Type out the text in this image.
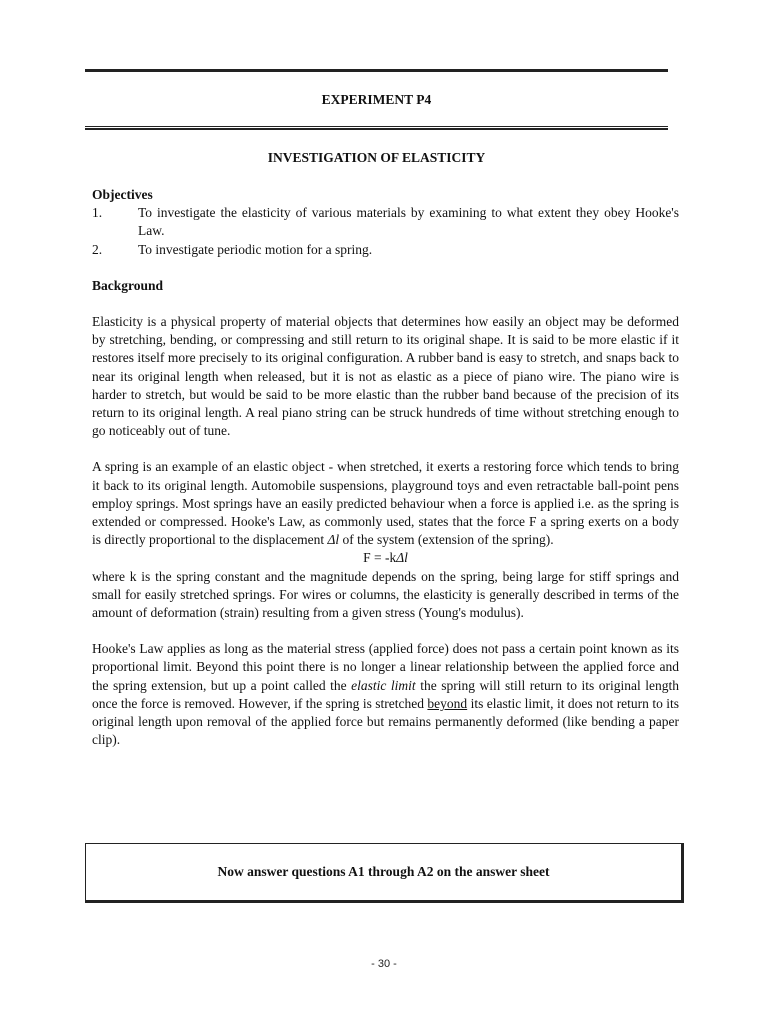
EXPERIMENT P4
INVESTIGATION OF ELASTICITY
Objectives
1.	To investigate the elasticity of various materials by examining to what extent they obey Hooke's Law.
2.	To investigate periodic motion for a spring.
Background

Elasticity is a physical property of material objects that determines how easily an object may be deformed by stretching, bending, or compressing and still return to its original shape. It is said to be more elastic if it restores itself more precisely to its original configuration. A rubber band is easy to stretch, and snaps back to near its original length when released, but it is not as elastic as a piece of piano wire. The piano wire is harder to stretch, but would be said to be more elastic than the rubber band because of the precision of its return to its original length. A real piano string can be struck hundreds of time without stretching enough to go noticeably out of tune.

A spring is an example of an elastic object - when stretched, it exerts a restoring force which tends to bring it back to its original length. Automobile suspensions, playground toys and even retractable ball-point pens employ springs. Most springs have an easily predicted behaviour when a force is applied i.e. as the spring is extended or compressed. Hooke's Law, as commonly used, states that the force F a spring exerts on a body is directly proportional to the displacement Δl of the system (extension of the spring).

F = -kΔl

where k is the spring constant and the magnitude depends on the spring, being large for stiff springs and small for easily stretched springs. For wires or columns, the elasticity is generally described in terms of the amount of deformation (strain) resulting from a given stress (Young's modulus).

Hooke's Law applies as long as the material stress (applied force) does not pass a certain point known as its proportional limit. Beyond this point there is no longer a linear relationship between the applied force and the spring extension, but up a point called the elastic limit the spring will still return to its original length once the force is removed. However, if the spring is stretched beyond its elastic limit, it does not return to its original length upon removal of the applied force but remains permanently deformed (like bending a paper clip).

Now answer questions A1 through A2 on the answer sheet
- 30 -
